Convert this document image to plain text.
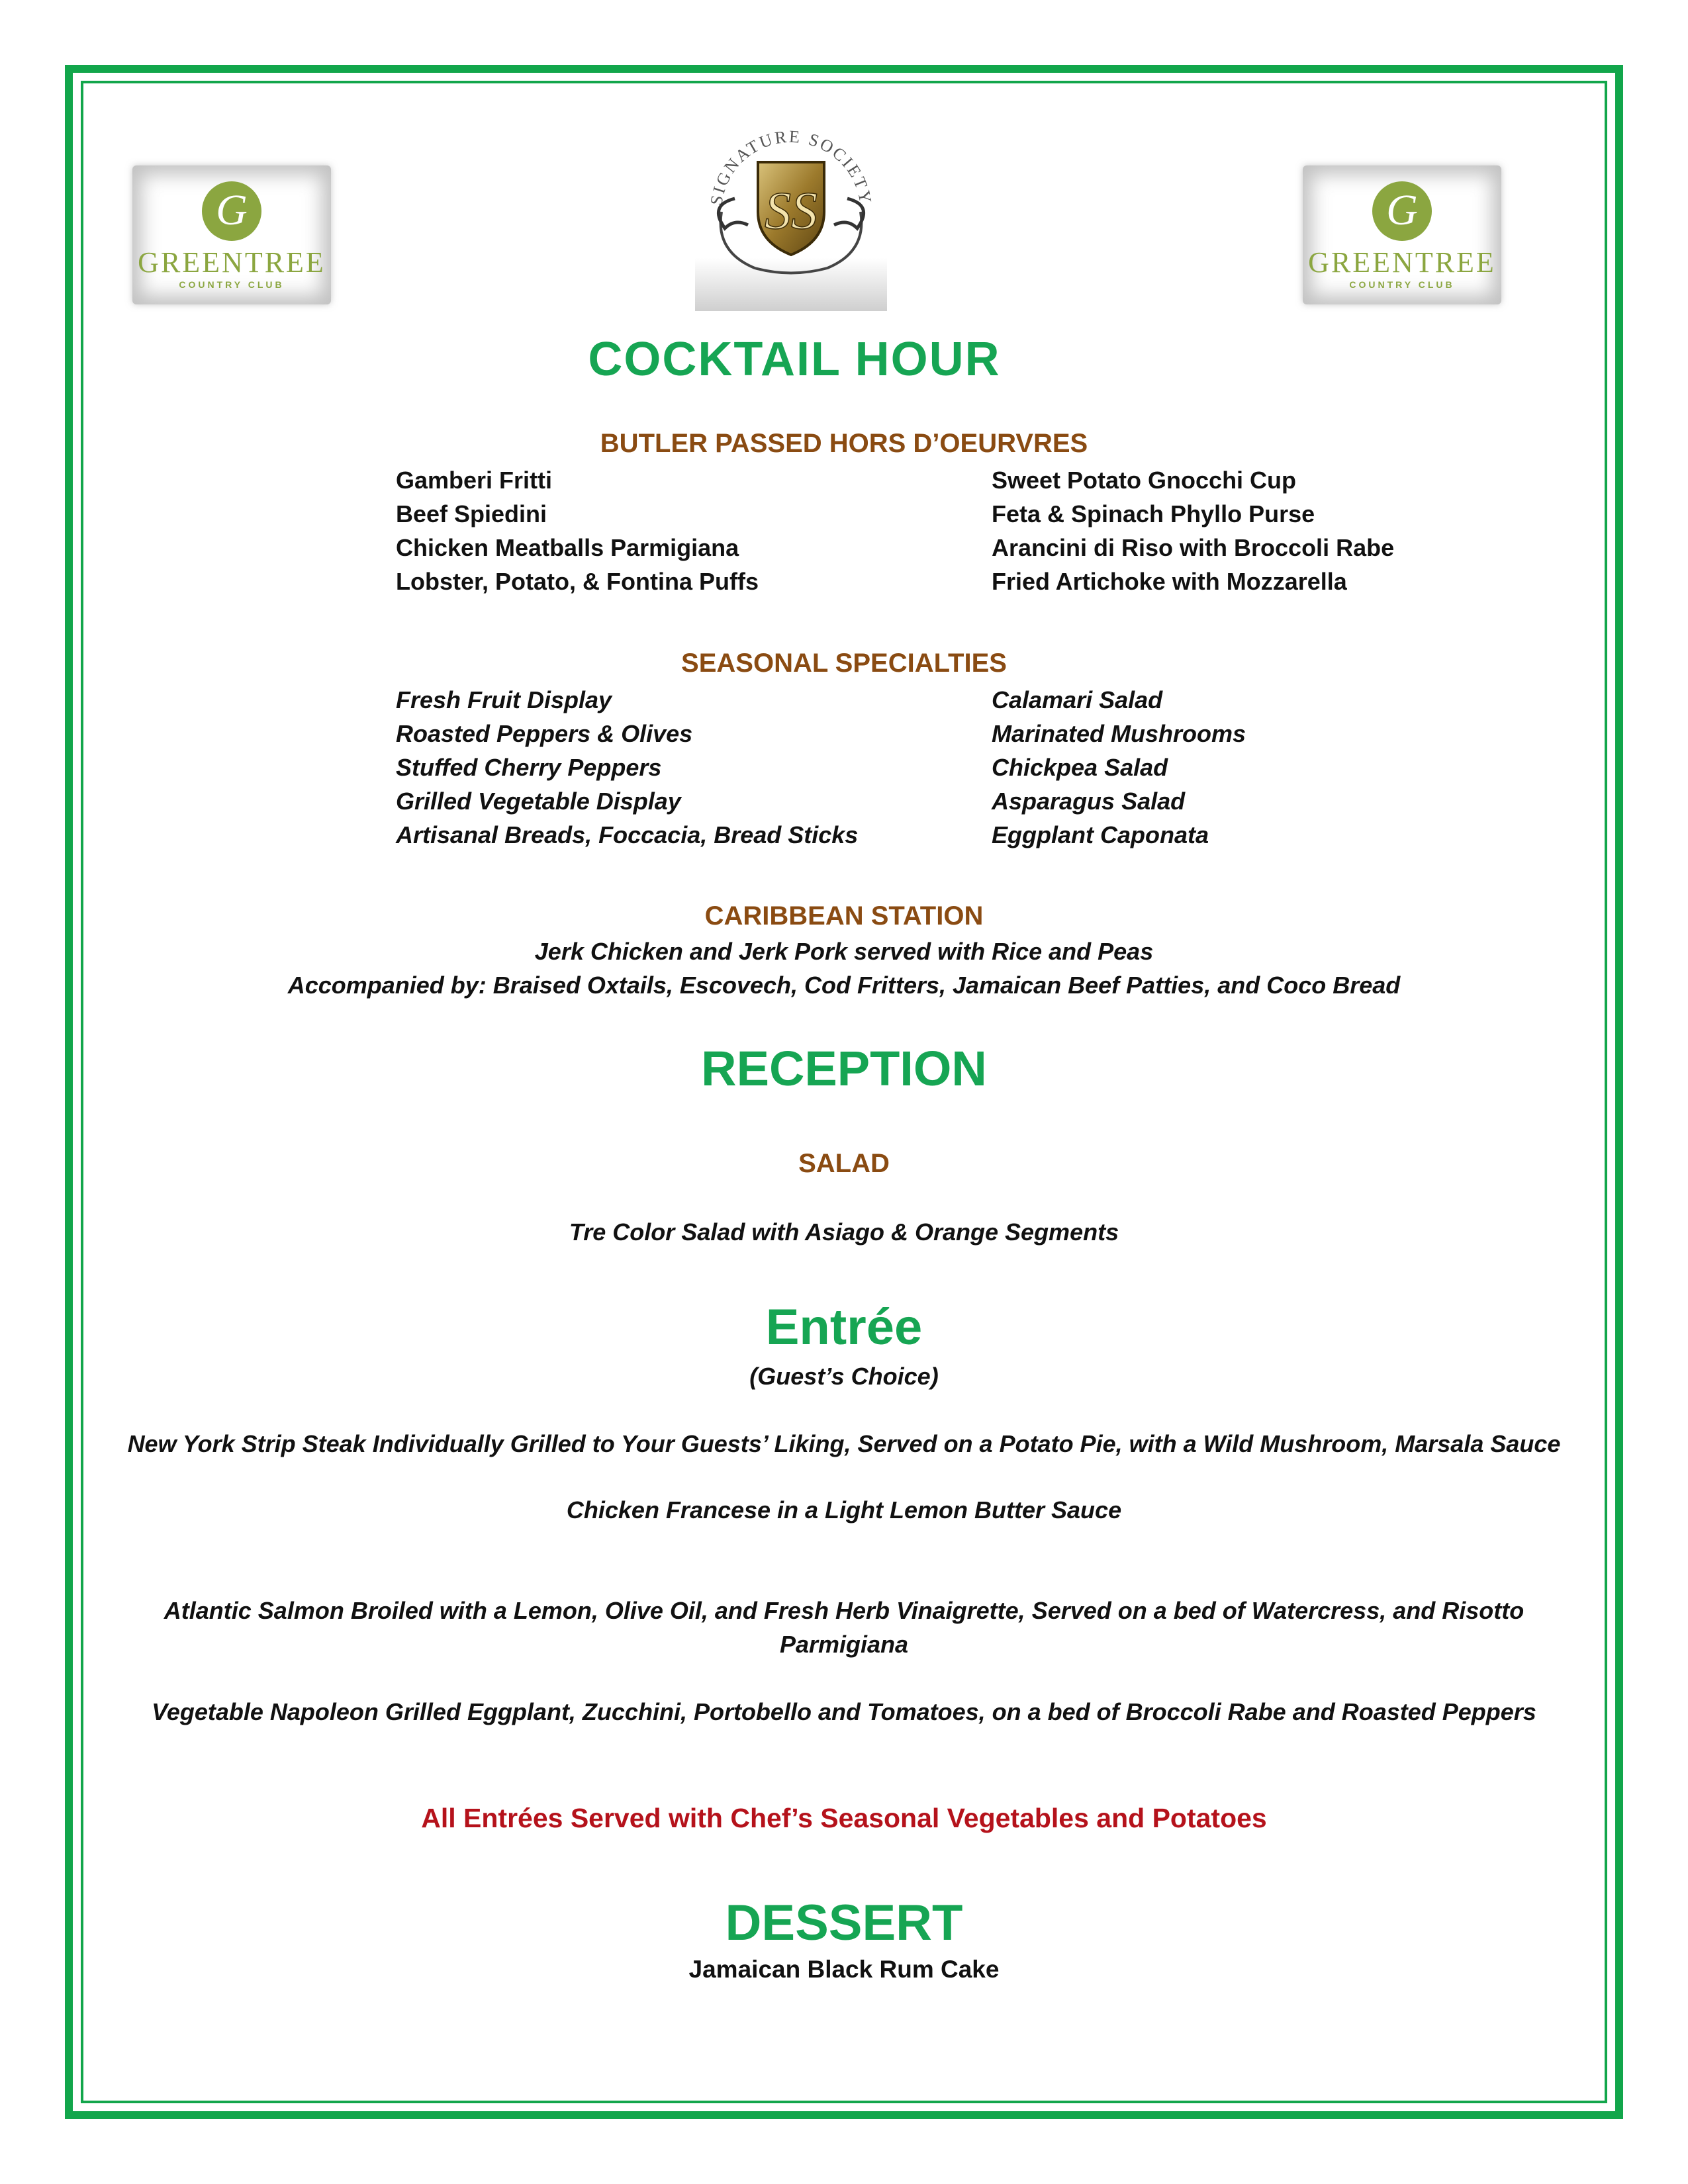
G
GREENTREE
COUNTRY CLUB
G
GREENTREE
COUNTRY CLUB
SIGNATURE SOCIETY
SS
COCKTAIL HOUR
BUTLER PASSED HORS D’OEURVRES
Gamberi Fritti
Beef Spiedini
Chicken Meatballs Parmigiana
Lobster, Potato, & Fontina Puffs
Sweet Potato Gnocchi Cup
Feta & Spinach Phyllo Purse
Arancini di Riso with Broccoli Rabe
Fried Artichoke with Mozzarella
SEASONAL SPECIALTIES
Fresh Fruit Display
Roasted Peppers & Olives
Stuffed Cherry Peppers
Grilled Vegetable Display
Artisanal Breads, Foccacia, Bread Sticks
Calamari Salad
Marinated Mushrooms
Chickpea Salad
Asparagus Salad
Eggplant Caponata
CARIBBEAN STATION
Jerk Chicken and Jerk Pork served with Rice and Peas
Accompanied by: Braised Oxtails, Escovech, Cod Fritters, Jamaican Beef Patties, and Coco Bread
RECEPTION
SALAD
Tre Color Salad with Asiago & Orange Segments
Entrée
(Guest’s Choice)
New York Strip Steak Individually Grilled to Your Guests’ Liking, Served on a Potato Pie, with a Wild Mushroom, Marsala Sauce
Chicken Francese in a Light Lemon Butter Sauce
Atlantic Salmon Broiled with a Lemon, Olive Oil, and Fresh Herb Vinaigrette, Served on a bed of Watercress, and Risotto
Parmigiana
Vegetable Napoleon Grilled Eggplant, Zucchini, Portobello and Tomatoes, on a bed of Broccoli Rabe and Roasted Peppers
All Entrées Served with Chef’s Seasonal Vegetables and Potatoes
DESSERT
Jamaican Black Rum Cake
